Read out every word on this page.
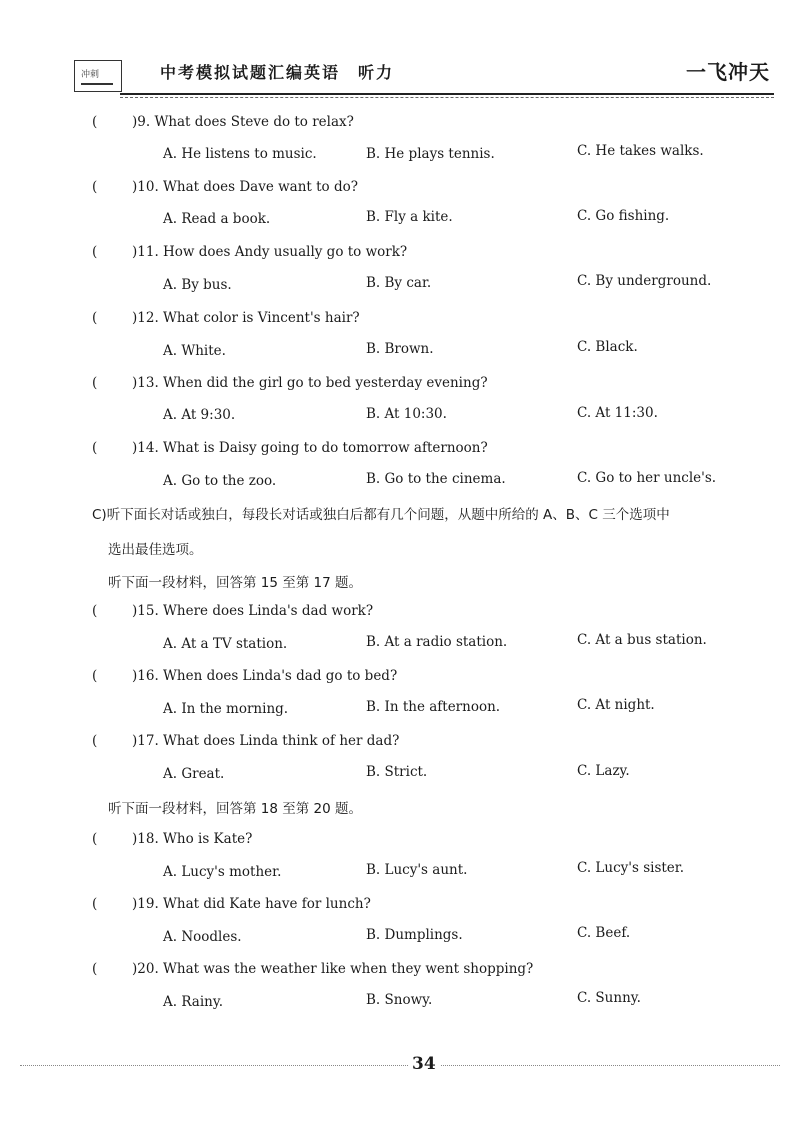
冲刺	中考模拟试题汇编英语　听力	一飞冲天
(	)9. What does Steve do to relax?
A. He listens to music.	B. He plays tennis.	C. He takes walks.
(	)10. What does Dave want to do?
A. Read a book.	B. Fly a kite.	C. Go fishing.
(	)11. How does Andy usually go to work?
A. By bus.	B. By car.	C. By underground.
(	)12. What color is Vincent's hair?
A. White.	B. Brown.	C. Black.
(	)13. When did the girl go to bed yesterday evening?
A. At 9:30.	B. At 10:30.	C. At 11:30.
(	)14. What is Daisy going to do tomorrow afternoon?
A. Go to the zoo.	B. Go to the cinema.	C. Go to her uncle's.
C)听下面长对话或独白，每段长对话或独白后都有几个问题，从题中所给的 A、B、C 三个选项中
选出最佳选项。
听下面一段材料，回答第 15 至第 17 题。
(	)15. Where does Linda's dad work?
A. At a TV station.	B. At a radio station.	C. At a bus station.
(	)16. When does Linda's dad go to bed?
A. In the morning.	B. In the afternoon.	C. At night.
(	)17. What does Linda think of her dad?
A. Great.	B. Strict.	C. Lazy.
听下面一段材料，回答第 18 至第 20 题。
(	)18. Who is Kate?
A. Lucy's mother.	B. Lucy's aunt.	C. Lucy's sister.
(	)19. What did Kate have for lunch?
A. Noodles.	B. Dumplings.	C. Beef.
(	)20. What was the weather like when they went shopping?
A. Rainy.	B. Snowy.	C. Sunny.
34
